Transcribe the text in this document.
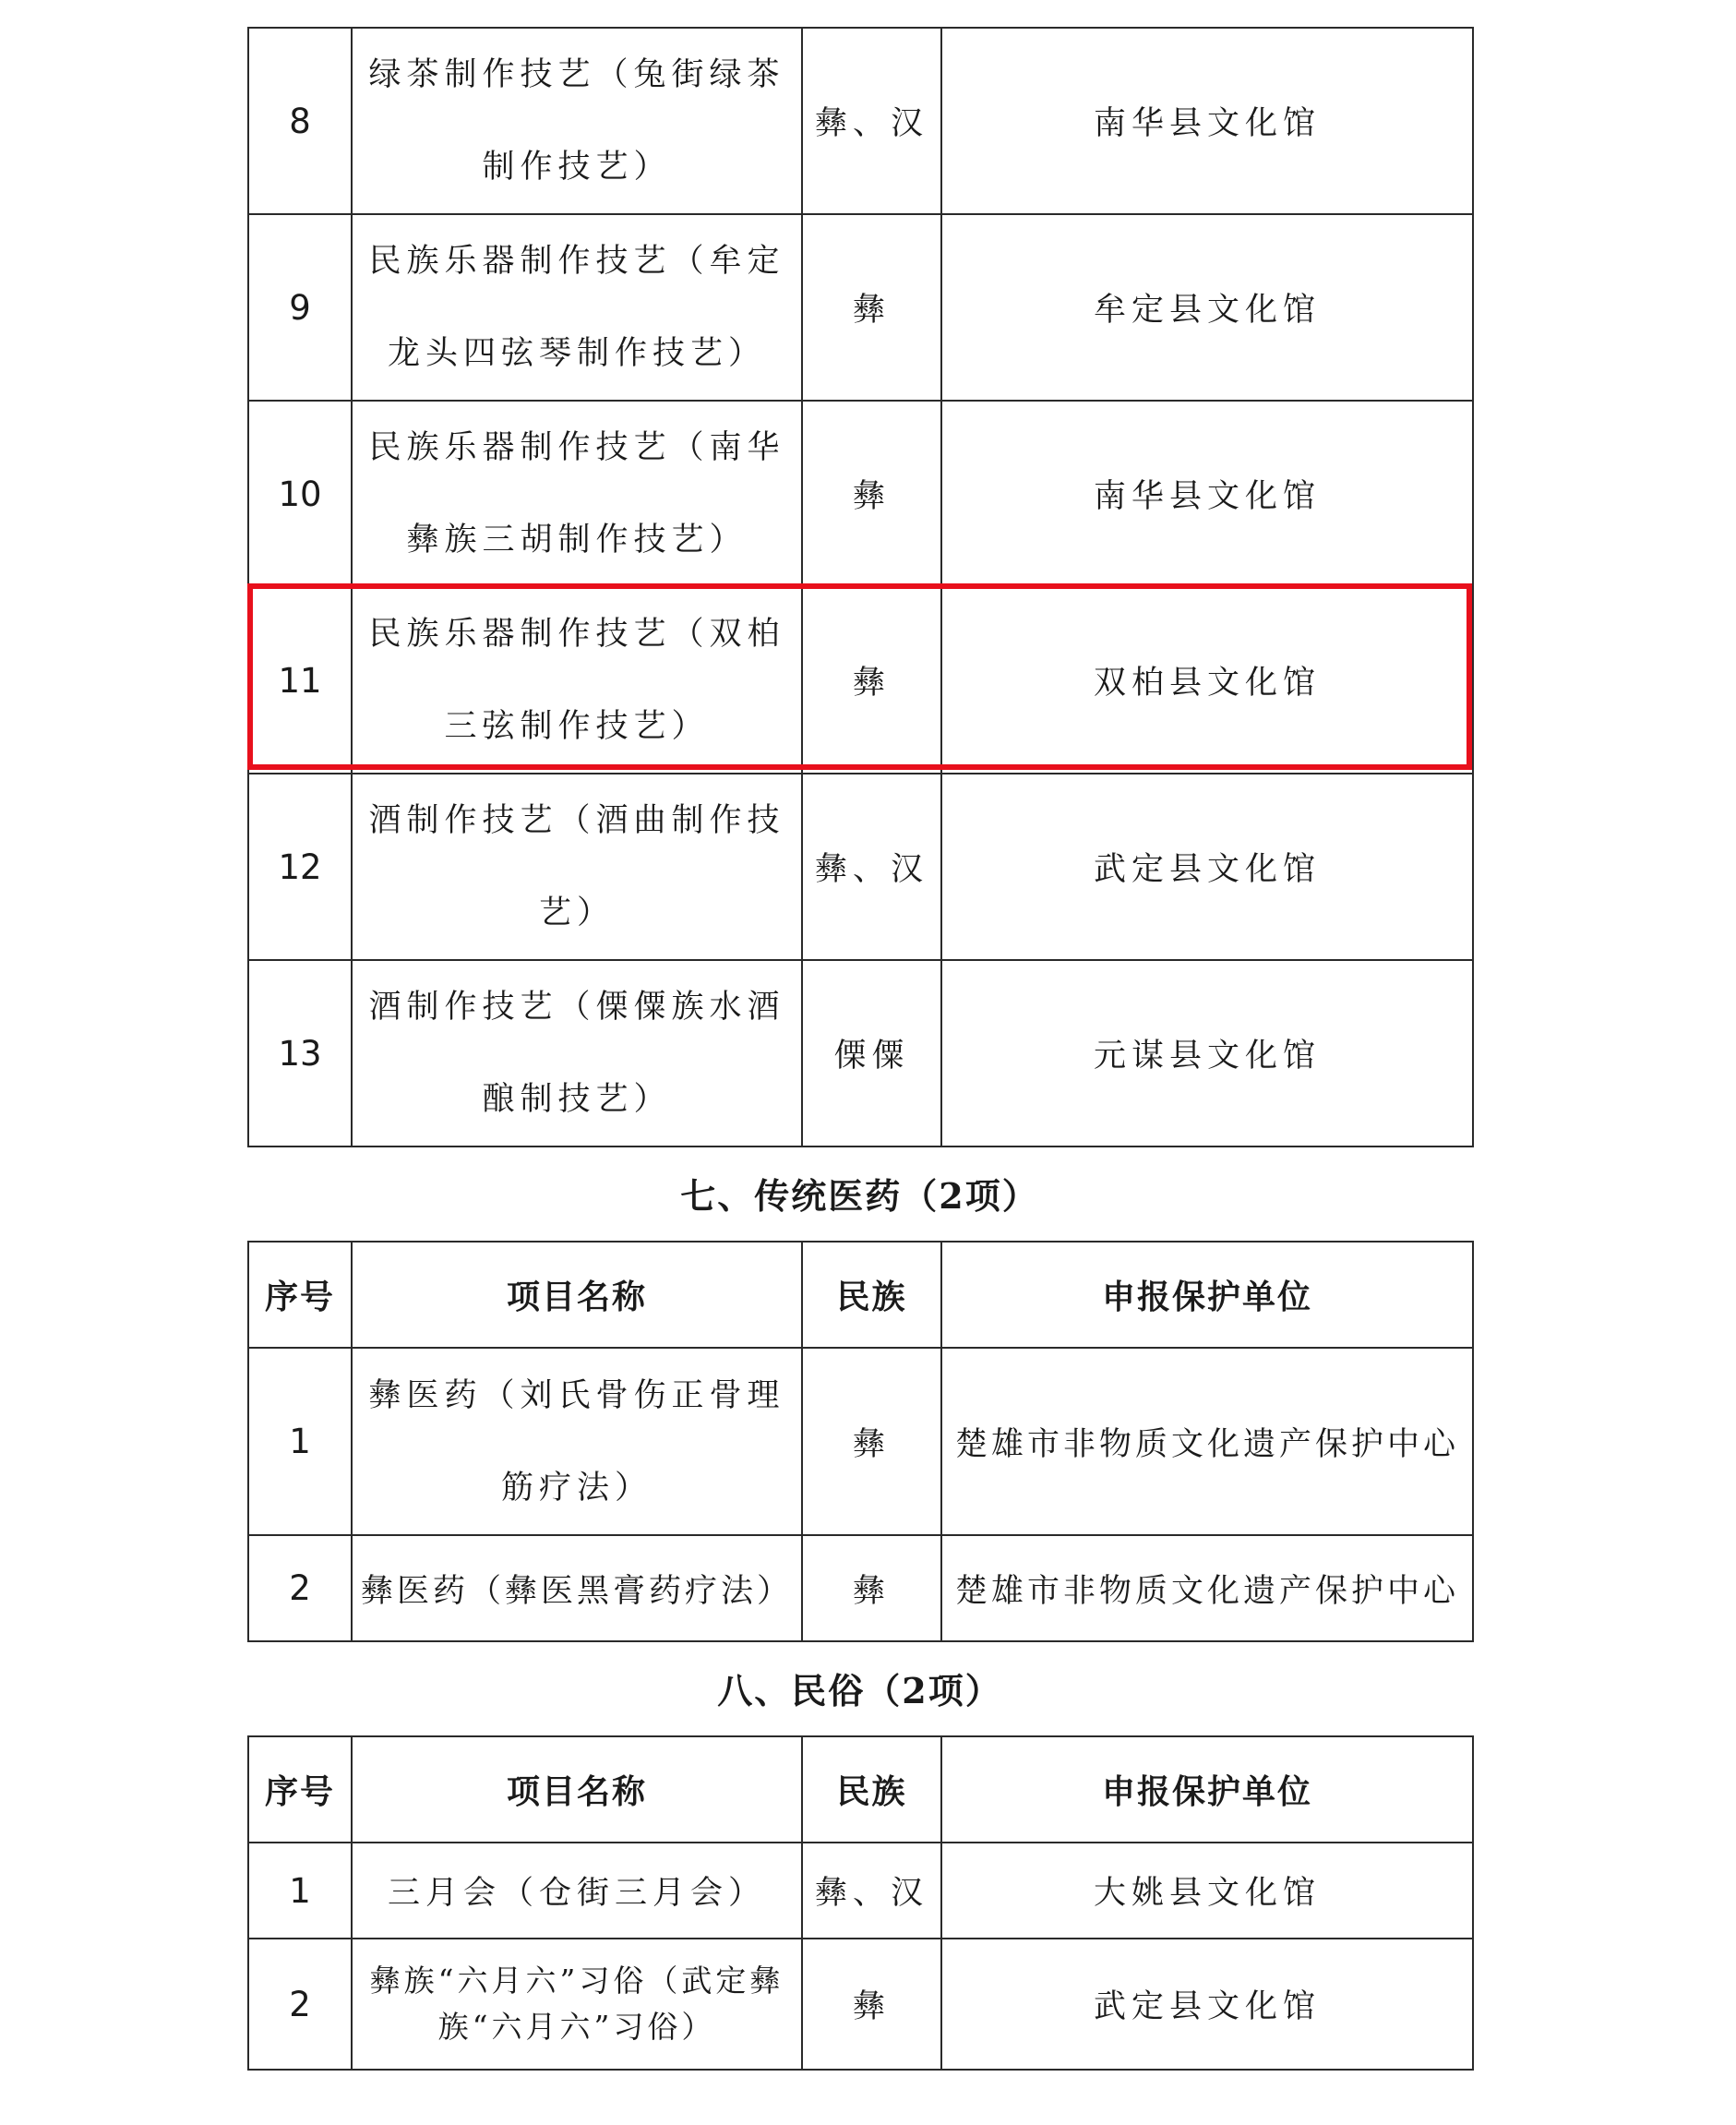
8	绿茶制作技艺（兔街绿茶制作技艺）	彝、汉	南华县文化馆
9	民族乐器制作技艺（牟定龙头四弦琴制作技艺）	彝	牟定县文化馆
10	民族乐器制作技艺（南华彝族三胡制作技艺）	彝	南华县文化馆
11	民族乐器制作技艺（双柏三弦制作技艺）	彝	双柏县文化馆
12	酒制作技艺（酒曲制作技艺）	彝、汉	武定县文化馆
13	酒制作技艺（傈僳族水酒酿制技艺）	傈僳	元谋县文化馆
七、传统医药（2项）
序号	项目名称	民族	申报保护单位
1	彝医药（刘氏骨伤正骨理筋疗法）	彝	楚雄市非物质文化遗产保护中心
2	彝医药（彝医黑膏药疗法）	彝	楚雄市非物质文化遗产保护中心
八、民俗（2项）
序号	项目名称	民族	申报保护单位
1	三月会（仓街三月会）	彝、汉	大姚县文化馆
2	彝族“六月六”习俗（武定彝族“六月六”习俗）	彝	武定县文化馆
